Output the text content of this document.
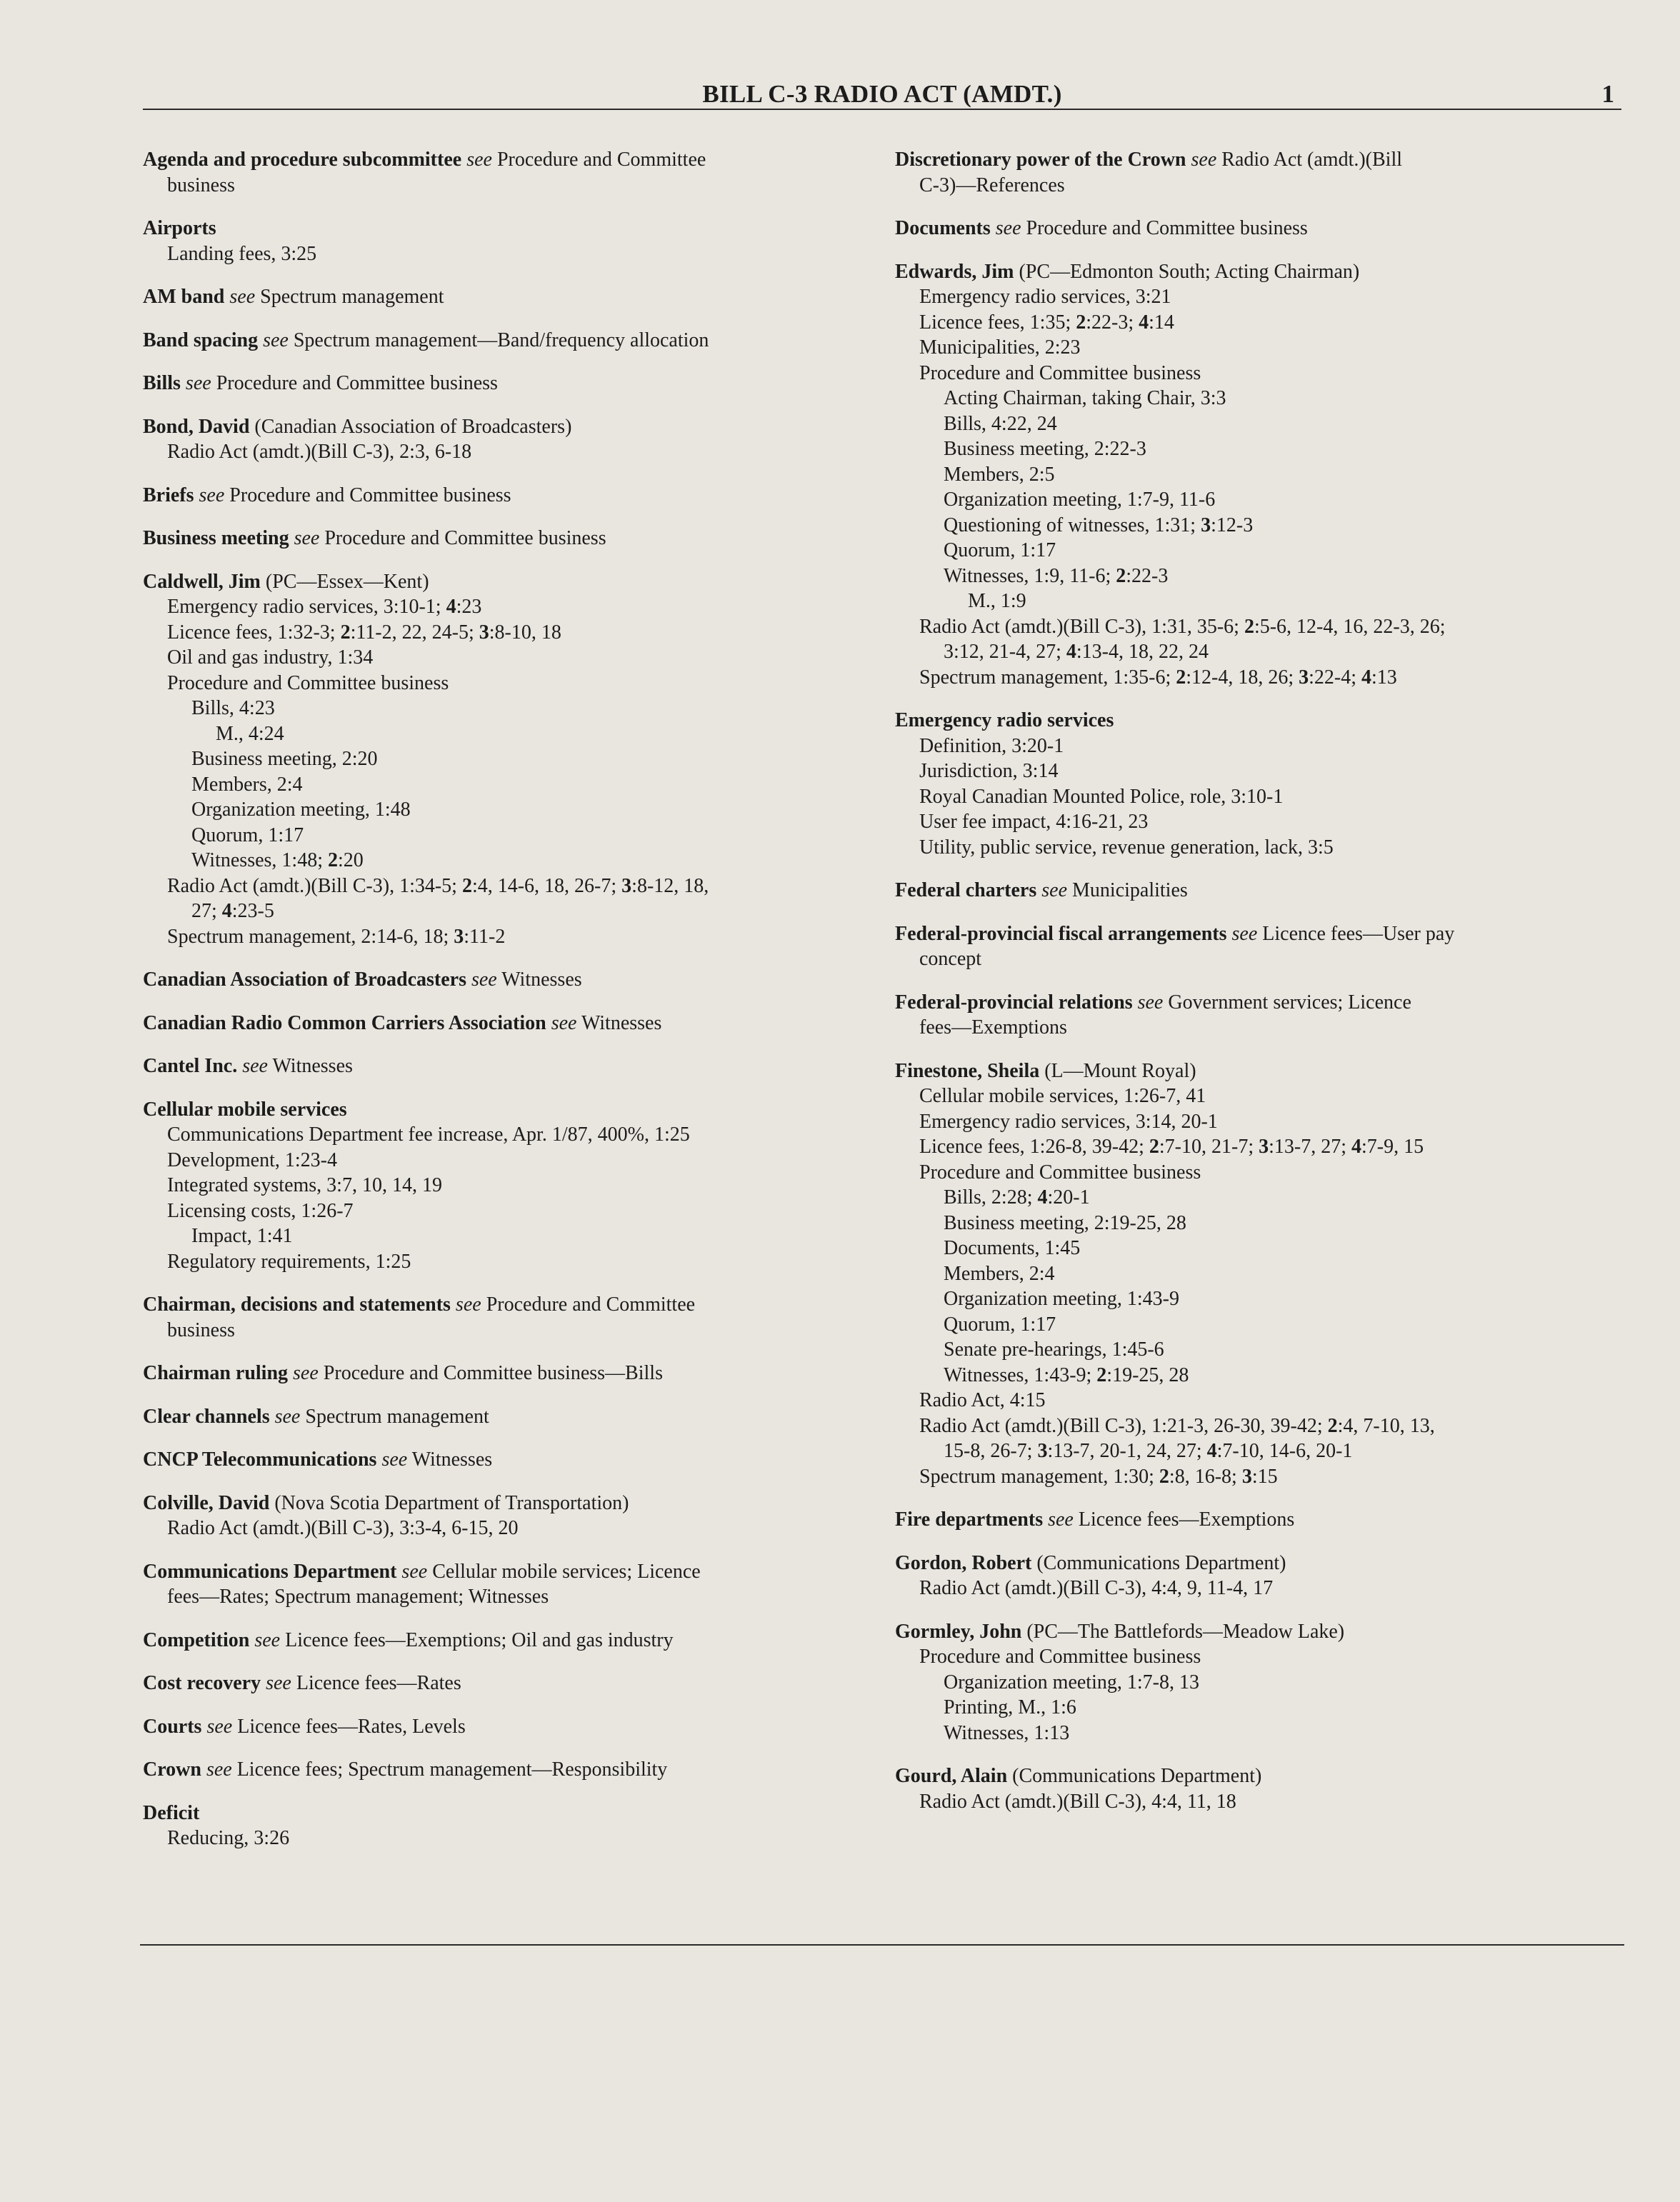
BILL C-3 RADIO ACT (AMDT.)	1
Agenda and procedure subcommittee see Procedure and Committee
business
Airports
Landing fees, 3:25
AM band see Spectrum management
Band spacing see Spectrum management—Band/frequency allocation
Bills see Procedure and Committee business
Bond, David (Canadian Association of Broadcasters)
Radio Act (amdt.)(Bill C-3), 2:3, 6-18
Briefs see Procedure and Committee business
Business meeting see Procedure and Committee business
Caldwell, Jim (PC—Essex—Kent)
Emergency radio services, 3:10-1; 4:23
Licence fees, 1:32-3; 2:11-2, 22, 24-5; 3:8-10, 18
Oil and gas industry, 1:34
Procedure and Committee business
Bills, 4:23
M., 4:24
Business meeting, 2:20
Members, 2:4
Organization meeting, 1:48
Quorum, 1:17
Witnesses, 1:48; 2:20
Radio Act (amdt.)(Bill C-3), 1:34-5; 2:4, 14-6, 18, 26-7; 3:8-12, 18,
27; 4:23-5
Spectrum management, 2:14-6, 18; 3:11-2
Canadian Association of Broadcasters see Witnesses
Canadian Radio Common Carriers Association see Witnesses
Cantel Inc. see Witnesses
Cellular mobile services
Communications Department fee increase, Apr. 1/87, 400%, 1:25
Development, 1:23-4
Integrated systems, 3:7, 10, 14, 19
Licensing costs, 1:26-7
Impact, 1:41
Regulatory requirements, 1:25
Chairman, decisions and statements see Procedure and Committee
business
Chairman ruling see Procedure and Committee business—Bills
Clear channels see Spectrum management
CNCP Telecommunications see Witnesses
Colville, David (Nova Scotia Department of Transportation)
Radio Act (amdt.)(Bill C-3), 3:3-4, 6-15, 20
Communications Department see Cellular mobile services; Licence
fees—Rates; Spectrum management; Witnesses
Competition see Licence fees—Exemptions; Oil and gas industry
Cost recovery see Licence fees—Rates
Courts see Licence fees—Rates, Levels
Crown see Licence fees; Spectrum management—Responsibility
Deficit
Reducing, 3:26
Discretionary power of the Crown see Radio Act (amdt.)(Bill
C-3)—References
Documents see Procedure and Committee business
Edwards, Jim (PC—Edmonton South; Acting Chairman)
Emergency radio services, 3:21
Licence fees, 1:35; 2:22-3; 4:14
Municipalities, 2:23
Procedure and Committee business
Acting Chairman, taking Chair, 3:3
Bills, 4:22, 24
Business meeting, 2:22-3
Members, 2:5
Organization meeting, 1:7-9, 11-6
Questioning of witnesses, 1:31; 3:12-3
Quorum, 1:17
Witnesses, 1:9, 11-6; 2:22-3
M., 1:9
Radio Act (amdt.)(Bill C-3), 1:31, 35-6; 2:5-6, 12-4, 16, 22-3, 26;
3:12, 21-4, 27; 4:13-4, 18, 22, 24
Spectrum management, 1:35-6; 2:12-4, 18, 26; 3:22-4; 4:13
Emergency radio services
Definition, 3:20-1
Jurisdiction, 3:14
Royal Canadian Mounted Police, role, 3:10-1
User fee impact, 4:16-21, 23
Utility, public service, revenue generation, lack, 3:5
Federal charters see Municipalities
Federal-provincial fiscal arrangements see Licence fees—User pay
concept
Federal-provincial relations see Government services; Licence
fees—Exemptions
Finestone, Sheila (L—Mount Royal)
Cellular mobile services, 1:26-7, 41
Emergency radio services, 3:14, 20-1
Licence fees, 1:26-8, 39-42; 2:7-10, 21-7; 3:13-7, 27; 4:7-9, 15
Procedure and Committee business
Bills, 2:28; 4:20-1
Business meeting, 2:19-25, 28
Documents, 1:45
Members, 2:4
Organization meeting, 1:43-9
Quorum, 1:17
Senate pre-hearings, 1:45-6
Witnesses, 1:43-9; 2:19-25, 28
Radio Act, 4:15
Radio Act (amdt.)(Bill C-3), 1:21-3, 26-30, 39-42; 2:4, 7-10, 13,
15-8, 26-7; 3:13-7, 20-1, 24, 27; 4:7-10, 14-6, 20-1
Spectrum management, 1:30; 2:8, 16-8; 3:15
Fire departments see Licence fees—Exemptions
Gordon, Robert (Communications Department)
Radio Act (amdt.)(Bill C-3), 4:4, 9, 11-4, 17
Gormley, John (PC—The Battlefords—Meadow Lake)
Procedure and Committee business
Organization meeting, 1:7-8, 13
Printing, M., 1:6
Witnesses, 1:13
Gourd, Alain (Communications Department)
Radio Act (amdt.)(Bill C-3), 4:4, 11, 18
